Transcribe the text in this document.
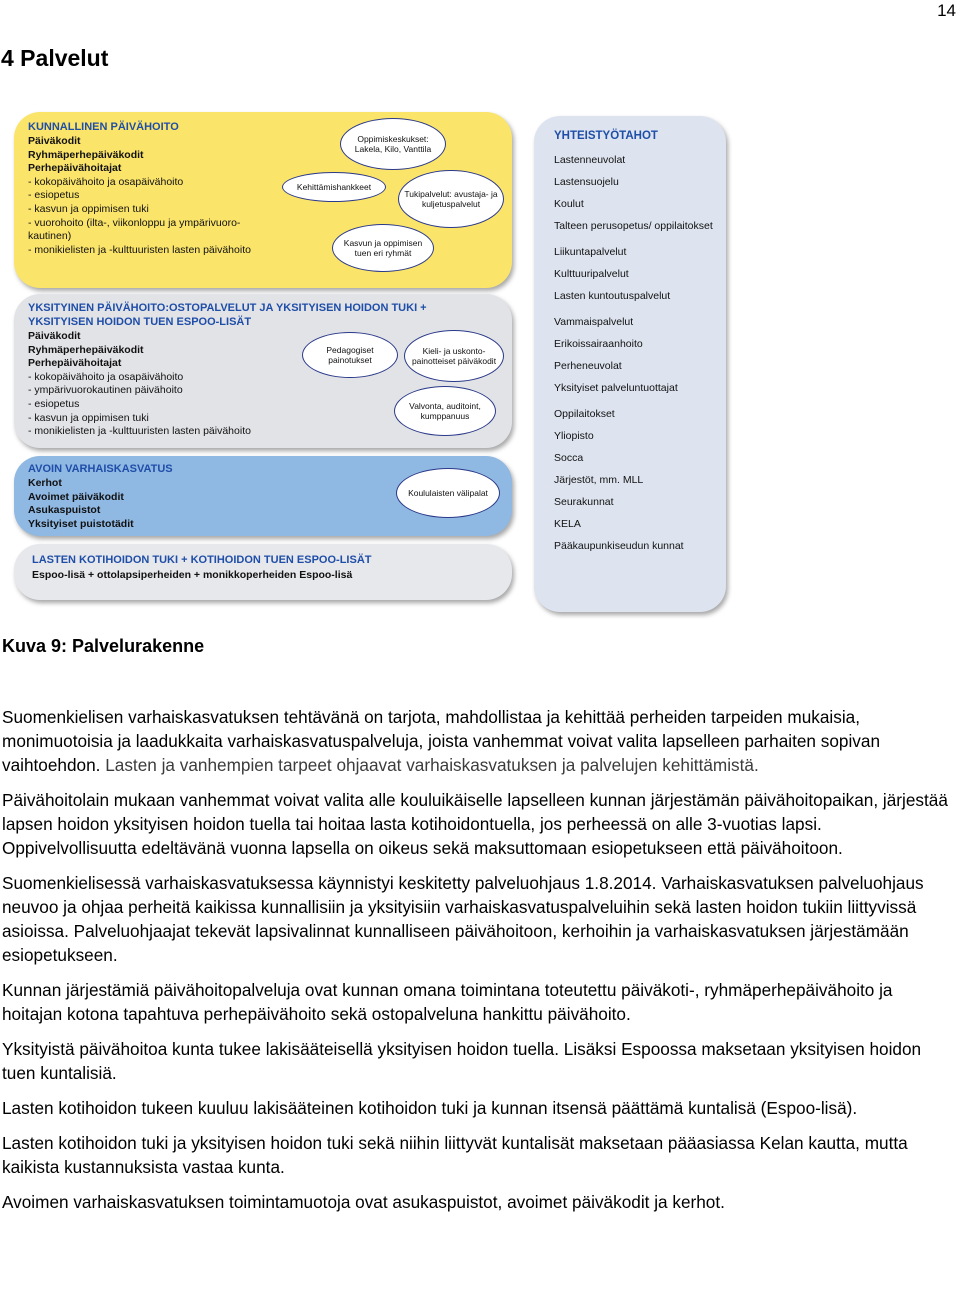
14
4 Palvelut
KUNNALLINEN PÄIVÄHOITO
Päiväkodit
Ryhmäperhepäiväkodit
Perhepäivähoitajat
- kokopäivähoito ja osapäivähoito
- esiopetus
- kasvun ja oppimisen tuki
- vuorohoito (ilta-, viikonloppu ja ympärivuoro-
kautinen)
- monikielisten ja -kulttuuristen lasten päivähoito
Oppimiskeskukset: Lakela, Kilo, Vanttila
Kehittämishankkeet
Tukipalvelut: avustaja- ja kuljetuspalvelut
Kasvun ja oppimisen tuen eri ryhmät
YKSITYINEN PÄIVÄHOITO:OSTOPALVELUT JA YKSITYISEN HOIDON TUKI +
YKSITYISEN HOIDON TUEN ESPOO-LISÄT
Päiväkodit
Ryhmäperhepäiväkodit
Perhepäivähoitajat
- kokopäivähoito ja osapäivähoito
- ympärivuorokautinen päivähoito
- esiopetus
- kasvun ja oppimisen tuki
- monikielisten ja -kulttuuristen lasten päivähoito
Pedagogiset painotukset
Kieli- ja uskonto-painotteiset päiväkodit
Valvonta, auditoint, kumppanuus
AVOIN VARHAISKASVATUS
Kerhot
Avoimet päiväkodit
Asukaspuistot
Yksityiset puistotädit
Koululaisten välipalat
LASTEN KOTIHOIDON TUKI + KOTIHOIDON TUEN ESPOO-LISÄT
Espoo-lisä + ottolapsiperheiden + monikkoperheiden Espoo-lisä
YHTEISTYÖTAHOT
Lastenneuvolat
Lastensuojelu
Koulut
Talteen perusopetus/ oppilaitokset
Liikuntapalvelut
Kulttuuripalvelut
Lasten kuntoutuspalvelut
Vammaispalvelut
Erikoissairaanhoito
Perheneuvolat
Yksityiset palveluntuottajat
Oppilaitokset
Yliopisto
Socca
Järjestöt, mm. MLL
Seurakunnat
KELA
Pääkaupunkiseudun kunnat

Kuva 9: Palvelurakenne

Suomenkielisen varhaiskasvatuksen tehtävänä on tarjota, mahdollistaa ja kehittää perheiden tarpeiden mukaisia, monimuotoisia ja laadukkaita varhaiskasvatuspalveluja, joista vanhemmat voivat valita lapselleen parhaiten sopivan vaihtoehdon. Lasten ja vanhempien tarpeet ohjaavat varhaiskasvatuksen ja palvelujen kehittämistä.

Päivähoitolain mukaan vanhemmat voivat valita alle kouluikäiselle lapselleen kunnan järjestämän päivähoitopaikan, järjestää lapsen hoidon yksityisen hoidon tuella tai hoitaa lasta kotihoidontuella, jos perheessä on alle 3-vuotias lapsi. Oppivelvollisuutta edeltävänä vuonna lapsella on oikeus sekä maksuttomaan esiopetukseen että päivähoitoon.

Suomenkielisessä varhaiskasvatuksessa käynnistyi keskitetty palveluohjaus 1.8.2014. Varhaiskasvatuksen palveluohjaus neuvoo ja ohjaa perheitä kaikissa kunnallisiin ja yksityisiin varhaiskasvatuspalveluihin sekä lasten hoidon tukiin liittyvissä asioissa. Palveluohjaajat tekevät lapsivalinnat kunnalliseen päivähoitoon, kerhoihin ja varhaiskasvatuksen järjestämään esiopetukseen.

Kunnan järjestämiä päivähoitopalveluja ovat kunnan omana toimintana toteutettu päiväkoti-, ryhmäperhepäivähoito ja hoitajan kotona tapahtuva perhepäivähoito sekä ostopalveluna hankittu päivähoito.

Yksityistä päivähoitoa kunta tukee lakisääteisellä yksityisen hoidon tuella. Lisäksi Espoossa maksetaan yksityisen hoidon tuen kuntalisiä.

Lasten kotihoidon tukeen kuuluu lakisääteinen kotihoidon tuki ja kunnan itsensä päättämä kuntalisä (Espoo-lisä).

Lasten kotihoidon tuki ja yksityisen hoidon tuki sekä niihin liittyvät kuntalisät maksetaan pääasiassa Kelan kautta, mutta kaikista kustannuksista vastaa kunta.

Avoimen varhaiskasvatuksen toimintamuotoja ovat asukaspuistot, avoimet päiväkodit ja kerhot.
